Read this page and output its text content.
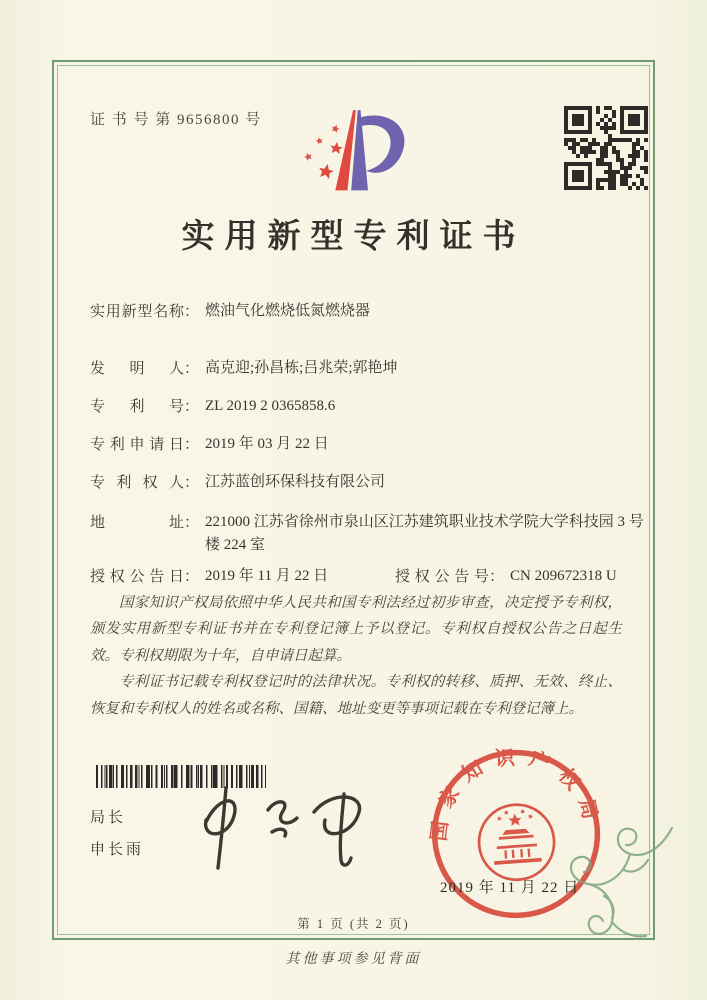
证 书 号 第 9656800 号
实用新型专利证书
实用新型名称 ： 燃油气化燃烧低氮燃烧器
发明人 ： 高克迎;孙昌栋;吕兆荣;郭艳坤
专利号 ： ZL 2019 2 0365858.6
专利申请日 ： 2019 年 03 月 22 日
专利权人 ： 江苏蓝创环保科技有限公司
地址 ： 221000 江苏省徐州市泉山区江苏建筑职业技术学院大学科技园 3 号楼 224 室
授权公告日 ： 2019 年 11 月 22 日	授权公告号 ： CN 209672318 U

国家知识产权局依照中华人民共和国专利法经过初步审查，决定授予专利权，颁发实用新型专利证书并在专利登记簿上予以登记。专利权自授权公告之日起生效。专利权期限为十年，自申请日起算。

专利证书记载专利权登记时的法律状况。专利权的转移、质押、无效、终止、恢复和专利权人的姓名或名称、国籍、地址变更等事项记载在专利登记簿上。

局长
申长雨
国家知识产权局
2019 年 11 月 22 日
第 1 页 (共 2 页)
其他事项参见背面
